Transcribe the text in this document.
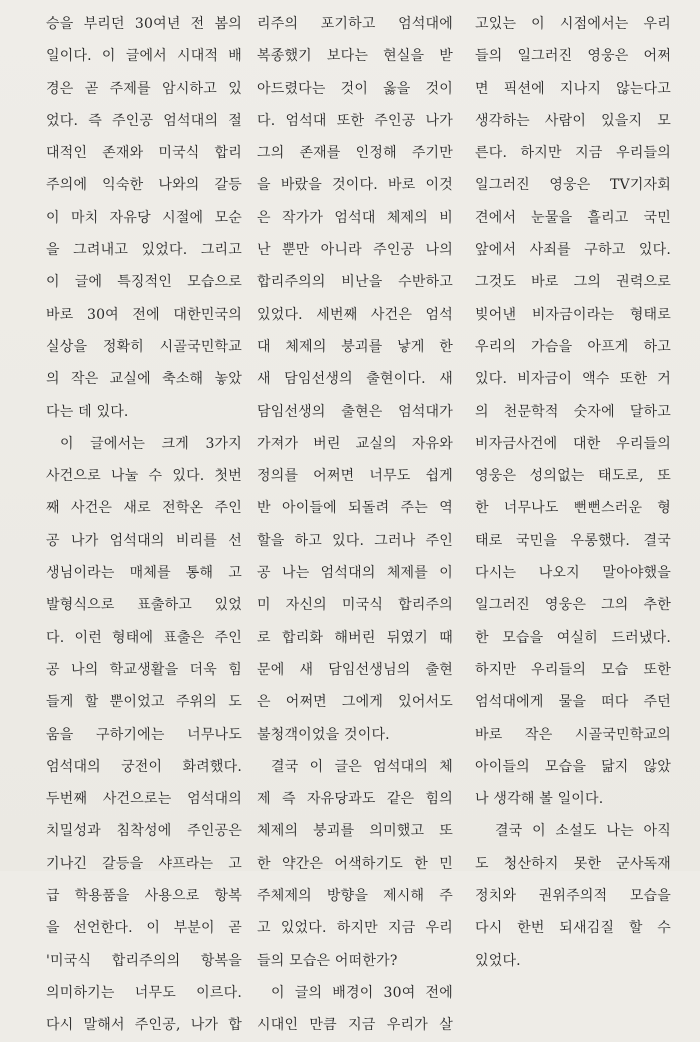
승을 부리던 30여년 전 봄의
일이다. 이 글에서 시대적 배
경은 곧 주제를 암시하고 있
었다. 즉 주인공 엄석대의 절
대적인 존재와 미국식 합리
주의에 익숙한 나와의 갈등
이 마치 자유당 시절에 모순
을 그려내고 있었다. 그리고
이 글에 특징적인 모습으로
바로 30여 전에 대한민국의
실상을 정확히 시골국민학교
의 작은 교실에 축소해 놓았
다는 데 있다.
이 글에서는 크게 3가지
사건으로 나눌 수 있다. 첫번
째 사건은 새로 전학온 주인
공 나가 엄석대의 비리를 선
생님이라는 매체를 통해 고
발형식으로 표출하고 있었
다. 이런 형태에 표출은 주인
공 나의 학교생활을 더욱 힘
들게 할 뿐이었고 주위의 도
움을 구하기에는 너무나도
엄석대의 궁전이 화려했다.
두번째 사건으로는 엄석대의
치밀성과 침착성에 주인공은
기나긴 갈등을 샤프라는 고
급 학용품을 사용으로 항복
을 선언한다. 이 부분이 곧
'미국식 합리주의의 항복을
의미하기는 너무도 이르다.
다시 말해서 주인공, 나가 합
리주의 포기하고 엄석대에
복종했기 보다는 현실을 받
아드렸다는 것이 옳을 것이
다. 엄석대 또한 주인공 나가
그의 존재를 인정해 주기만
을 바랐을 것이다. 바로 이것
은 작가가 엄석대 체제의 비
난 뿐만 아니라 주인공 나의
합리주의의 비난을 수반하고
있었다. 세번째 사건은 엄석
대 체제의 붕괴를 낳게 한
새 담임선생의 출현이다. 새
담임선생의 출현은 엄석대가
가져가 버린 교실의 자유와
정의를 어쩌면 너무도 쉽게
반 아이들에 되돌려 주는 역
할을 하고 있다. 그러나 주인
공 나는 엄석대의 체제를 이
미 자신의 미국식 합리주의
로 합리화 해버린 뒤였기 때
문에 새 담임선생님의 출현
은 어쩌면 그에게 있어서도
불청객이었을 것이다.
결국 이 글은 엄석대의 체
제 즉 자유당과도 같은 힘의
체제의 붕괴를 의미했고 또
한 약간은 어색하기도 한 민
주체제의 방향을 제시해 주
고 있었다. 하지만 지금 우리
들의 모습은 어떠한가?
이 글의 배경이 30여 전에
시대인 만큼 지금 우리가 살
고있는 이 시점에서는 우리
들의 일그러진 영웅은 어쩌
면 픽션에 지나지 않는다고
생각하는 사람이 있을지 모
른다. 하지만 지금 우리들의
일그러진 영웅은 TV기자회
견에서 눈물을 흘리고 국민
앞에서 사죄를 구하고 있다.
그것도 바로 그의 권력으로
빚어낸 비자금이라는 형태로
우리의 가슴을 아프게 하고
있다. 비자금이 액수 또한 거
의 천문학적 숫자에 달하고
비자금사건에 대한 우리들의
영웅은 성의없는 태도로, 또
한 너무나도 뻔뻔스러운 형
태로 국민을 우롱했다. 결국
다시는 나오지 말아야했을
일그러진 영웅은 그의 추한
한 모습을 여실히 드러냈다.
하지만 우리들의 모습 또한
엄석대에게 물을 떠다 주던
바로 작은 시골국민학교의
아이들의 모습을 닮지 않았
나 생각해 볼 일이다.
결국 이 소설도 나는 아직
도 청산하지 못한 군사독재
정치와 권위주의적 모습을
다시 한번 되새김질 할 수
있었다.
